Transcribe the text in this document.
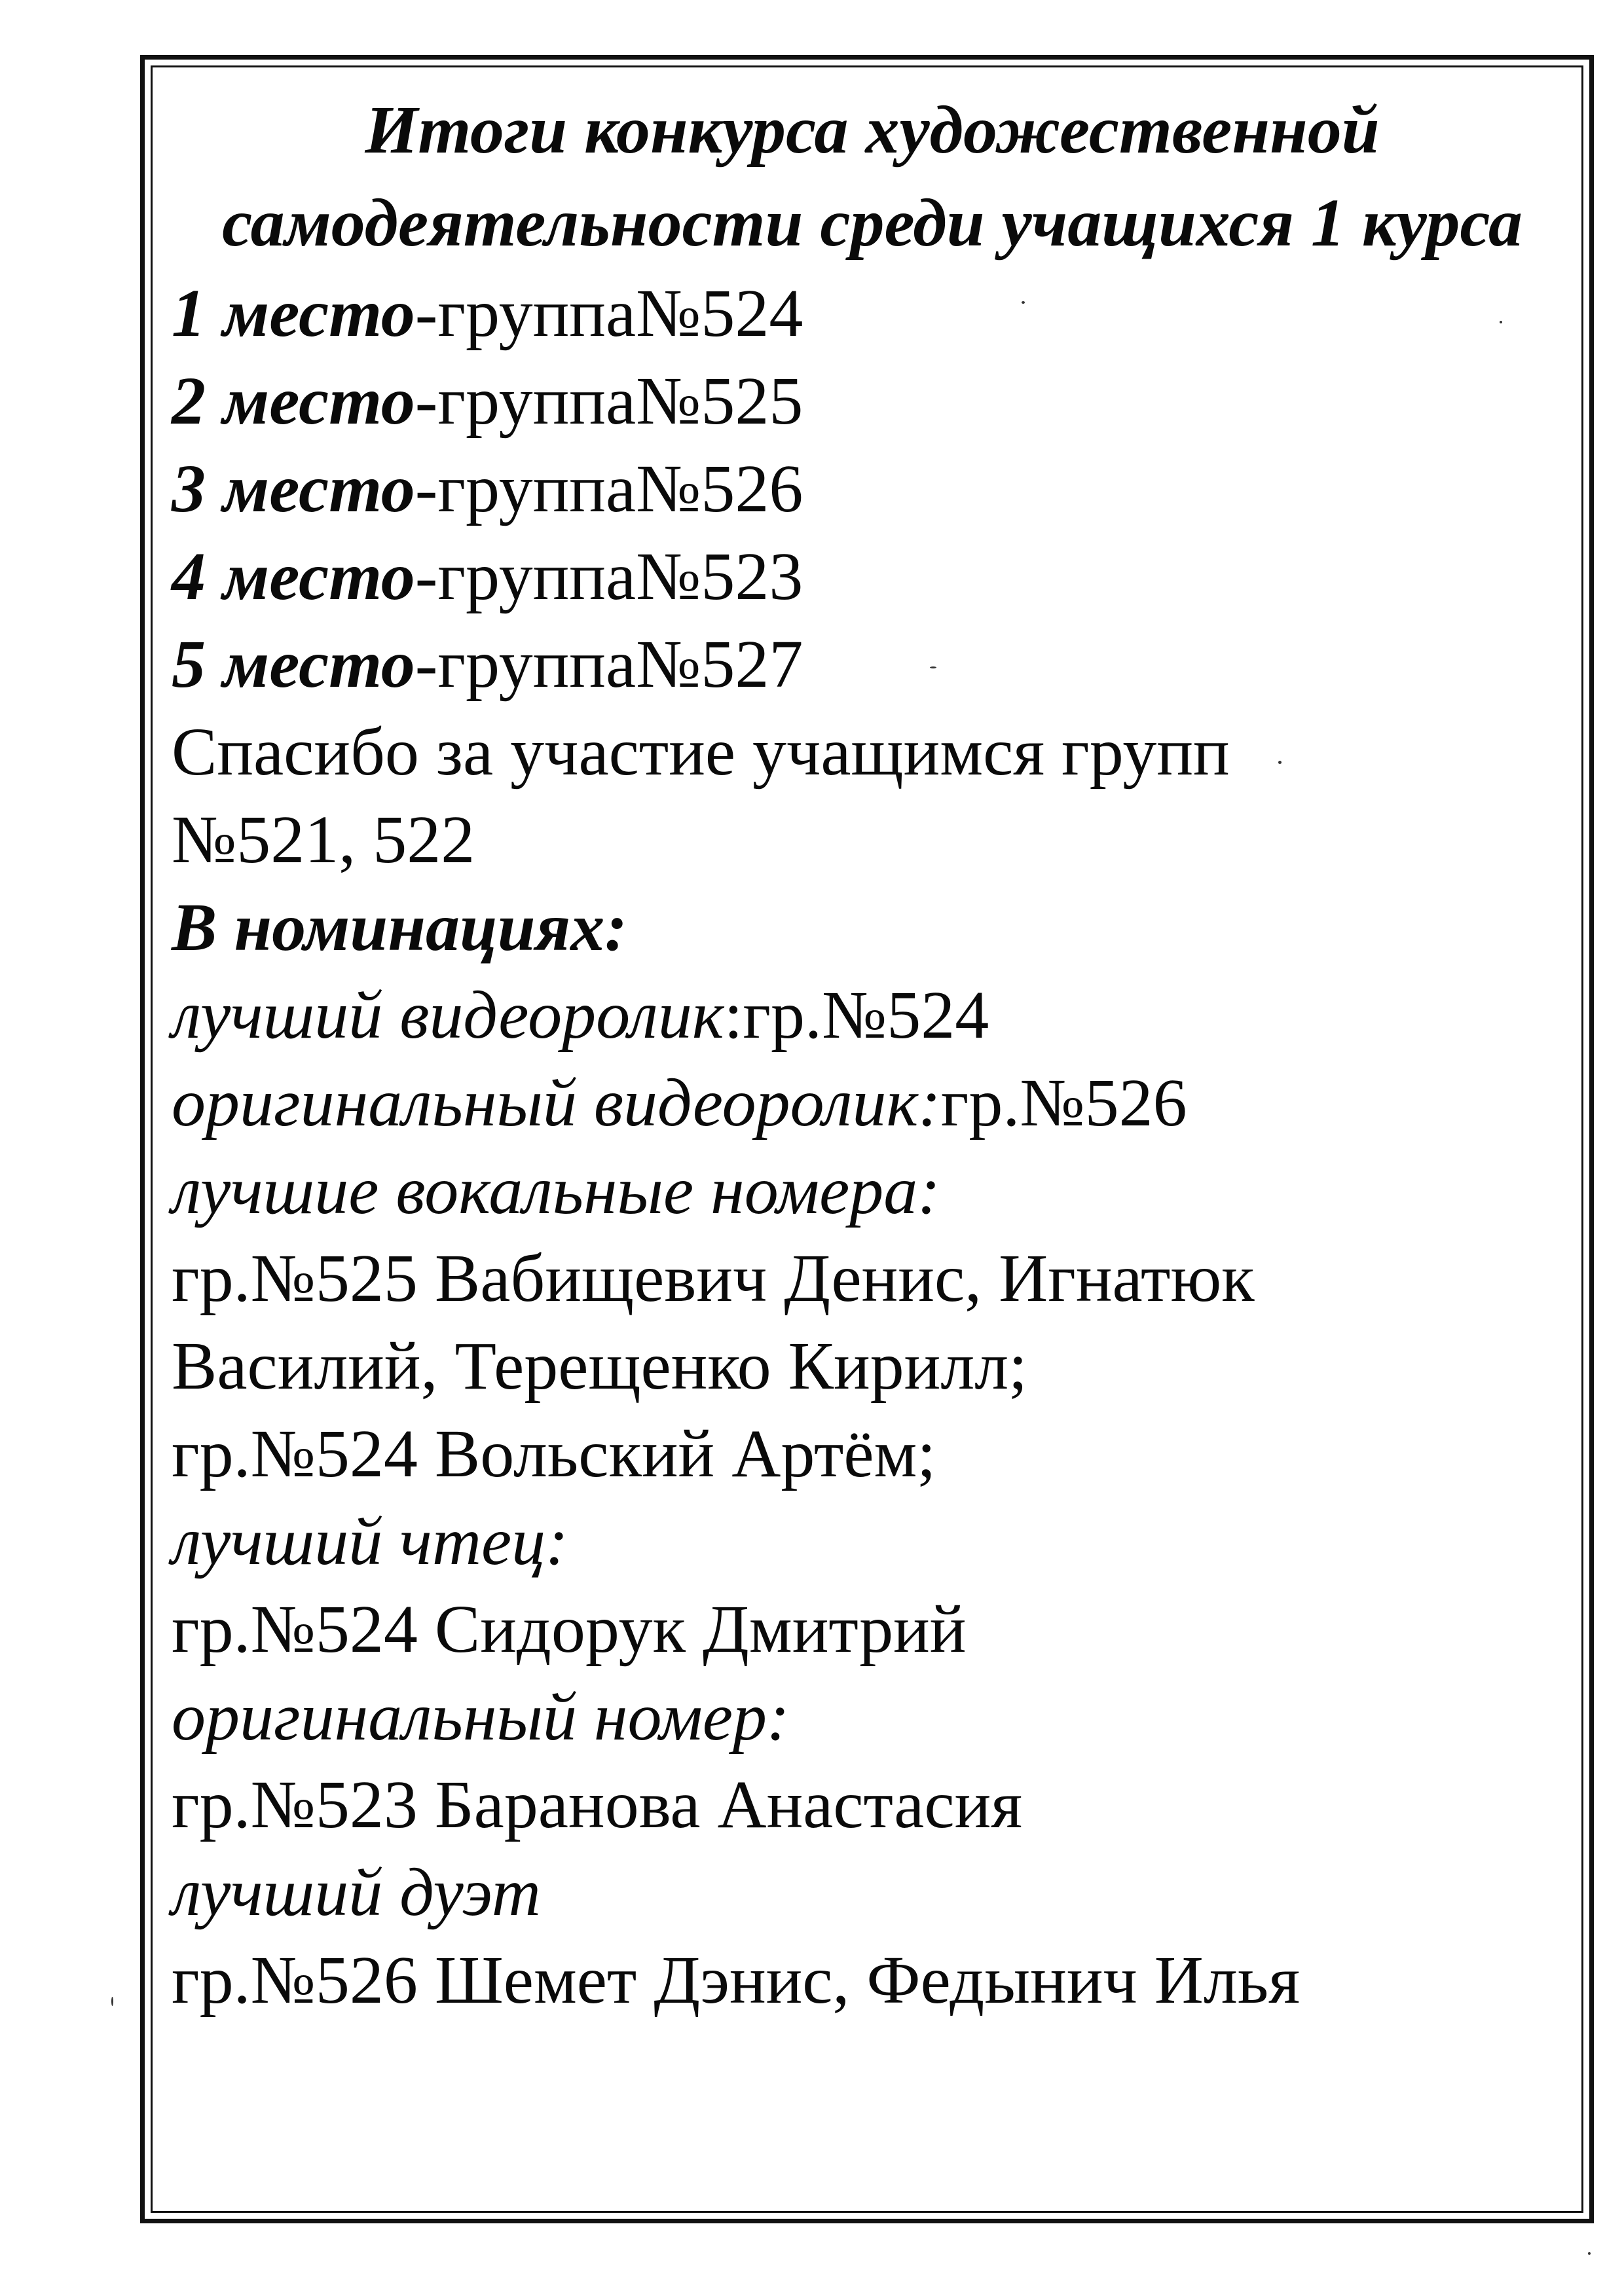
Итоги конкурса художественной самодеятельности среди учащихся 1 курса

1 место-группа№524

2 место-группа№525

3 место-группа№526

4 место-группа№523

5 место-группа№527

Спасибо за участие учащимся групп

№521, 522

В номинациях:

лучший видеоролик:гр.№524

оригинальный видеоролик:гр.№526

лучшие вокальные номера:

гр.№525 Вабищевич Денис, Игнатюк

Василий, Терещенко Кирилл;

гр.№524 Вольский Артём;

лучший чтец:

гр.№524 Сидорук Дмитрий

оригинальный номер:

гр.№523 Баранова Анастасия

лучший дуэт

гр.№526 Шемет Дэнис, Федынич Илья
